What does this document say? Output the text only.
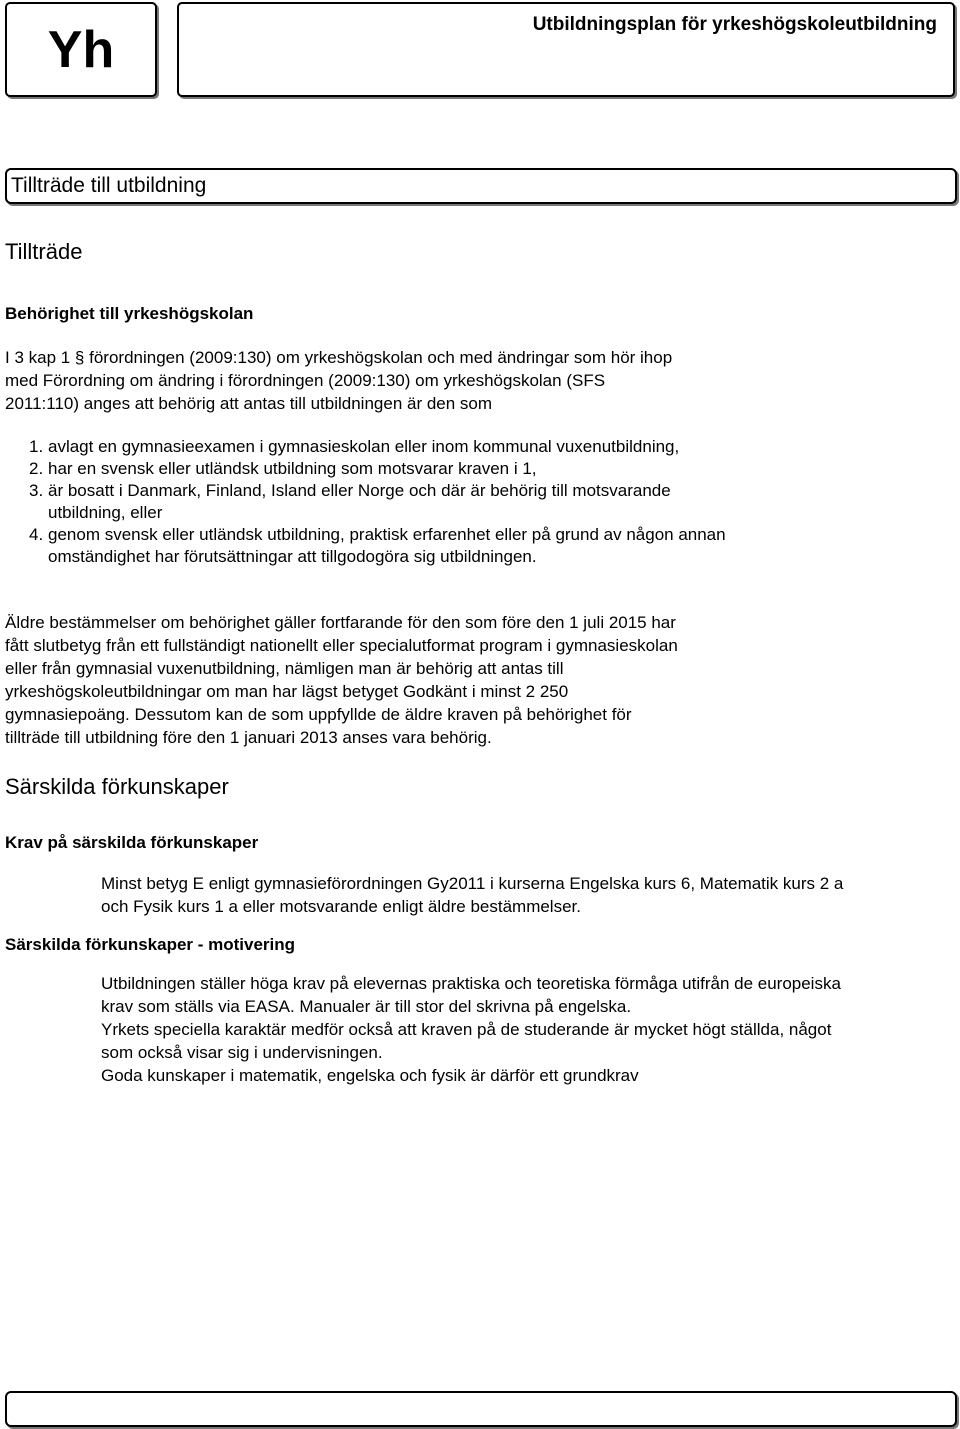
Yh	Utbildningsplan för yrkeshögskoleutbildning
Tillträde till utbildning
Tillträde
Behörighet till yrkeshögskolan
I 3 kap 1 § förordningen (2009:130) om yrkeshögskolan och med ändringar som hör ihop
med Förordning om ändring i förordningen (2009:130) om yrkeshögskolan (SFS
2011:110) anges att behörig att antas till utbildningen är den som
1. avlagt en gymnasieexamen i gymnasieskolan eller inom kommunal vuxenutbildning,
2. har en svensk eller utländsk utbildning som motsvarar kraven i 1,
3. är bosatt i Danmark, Finland, Island eller Norge och där är behörig till motsvarande utbildning, eller
4. genom svensk eller utländsk utbildning, praktisk erfarenhet eller på grund av någon annan omständighet har förutsättningar att tillgodogöra sig utbildningen.
Äldre bestämmelser om behörighet gäller fortfarande för den som före den 1 juli 2015 har
fått slutbetyg från ett fullständigt nationellt eller specialutformat program i gymnasieskolan
eller från gymnasial vuxenutbildning, nämligen man är behörig att antas till
yrkeshögskoleutbildningar om man har lägst betyget Godkänt i minst 2 250
gymnasiepoäng. Dessutom kan de som uppfyllde de äldre kraven på behörighet för
tillträde till utbildning före den 1 januari 2013 anses vara behörig.
Särskilda förkunskaper
Krav på särskilda förkunskaper
Minst betyg E enligt gymnasieförordningen Gy2011 i kurserna Engelska kurs 6, Matematik kurs 2 a
och Fysik kurs 1 a eller motsvarande enligt äldre bestämmelser.
Särskilda förkunskaper - motivering
Utbildningen ställer höga krav på elevernas praktiska och teoretiska förmåga utifrån de europeiska
krav som ställs via EASA. Manualer är till stor del skrivna på engelska.
Yrkets speciella karaktär medför också att kraven på de studerande är mycket högt ställda, något
som också visar sig i undervisningen.
Goda kunskaper i matematik, engelska och fysik är därför ett grundkrav
